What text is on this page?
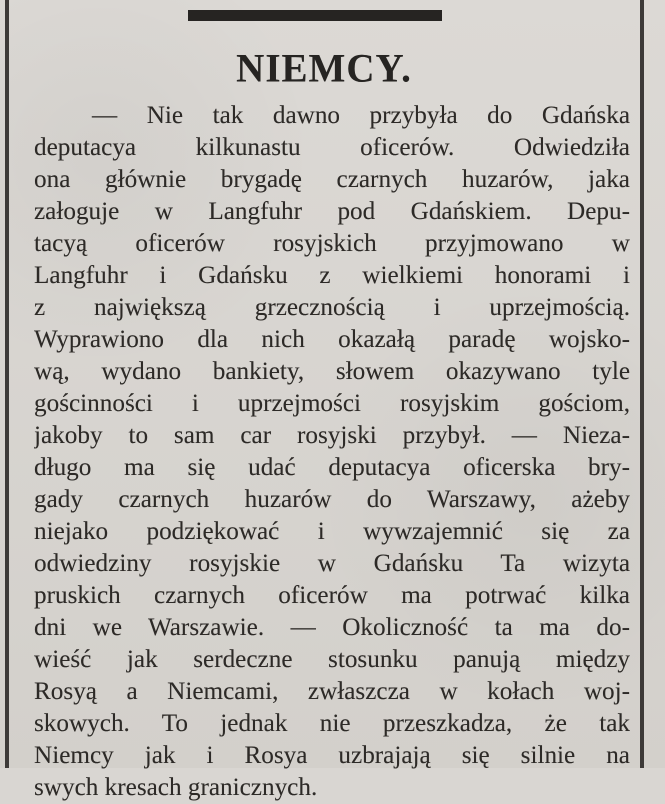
NIEMCY.
— Nie tak dawno przybyła do Gdańska
deputacya kilkunastu oficerów. Odwiedziła
ona głównie brygadę czarnych huzarów, jaka
załoguje w Langfuhr pod Gdańskiem. Depu-
tacyą oficerów rosyjskich przyjmowano w
Langfuhr i Gdańsku z wielkiemi honorami i
z największą grzecznością i uprzejmością.
Wyprawiono dla nich okazałą paradę wojsko-
wą, wydano bankiety, słowem okazywano tyle
gościnności i uprzejmości rosyjskim gościom,
jakoby to sam car rosyjski przybył. — Nieza-
długo ma się udać deputacya oficerska bry-
gady czarnych huzarów do Warszawy, ażeby
niejako podziękować i wywzajemnić się za
odwiedziny rosyjskie w Gdańsku Ta wizyta
pruskich czarnych oficerów ma potrwać kilka
dni we Warszawie. — Okoliczność ta ma do-
wieść jak serdeczne stosunku panują między
Rosyą a Niemcami, zwłaszcza w kołach woj-
skowych. To jednak nie przeszkadza, że tak
Niemcy jak i Rosya uzbrajają się silnie na
swych kresach granicznych.
